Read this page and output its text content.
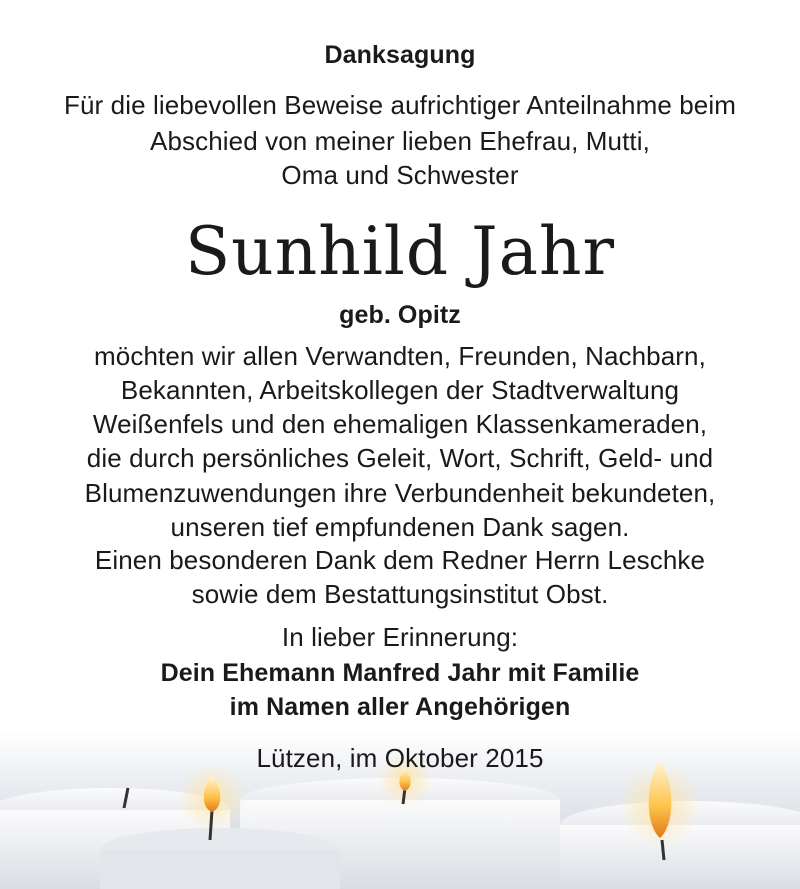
Danksagung
Für die liebevollen Beweise aufrichtiger Anteilnahme beim
Abschied von meiner lieben Ehefrau, Mutti,
Oma und Schwester
Sunhild Jahr
geb. Opitz
möchten wir allen Verwandten, Freunden, Nachbarn,
Bekannten, Arbeitskollegen der Stadtverwaltung
Weißenfels und den ehemaligen Klassenkameraden,
die durch persönliches Geleit, Wort, Schrift, Geld- und
Blumenzuwendungen ihre Verbundenheit bekundeten,
unseren tief empfundenen Dank sagen.
Einen besonderen Dank dem Redner Herrn Leschke
sowie dem Bestattungsinstitut Obst.
In lieber Erinnerung:
Dein Ehemann Manfred Jahr mit Familie
im Namen aller Angehörigen
Lützen, im Oktober 2015
